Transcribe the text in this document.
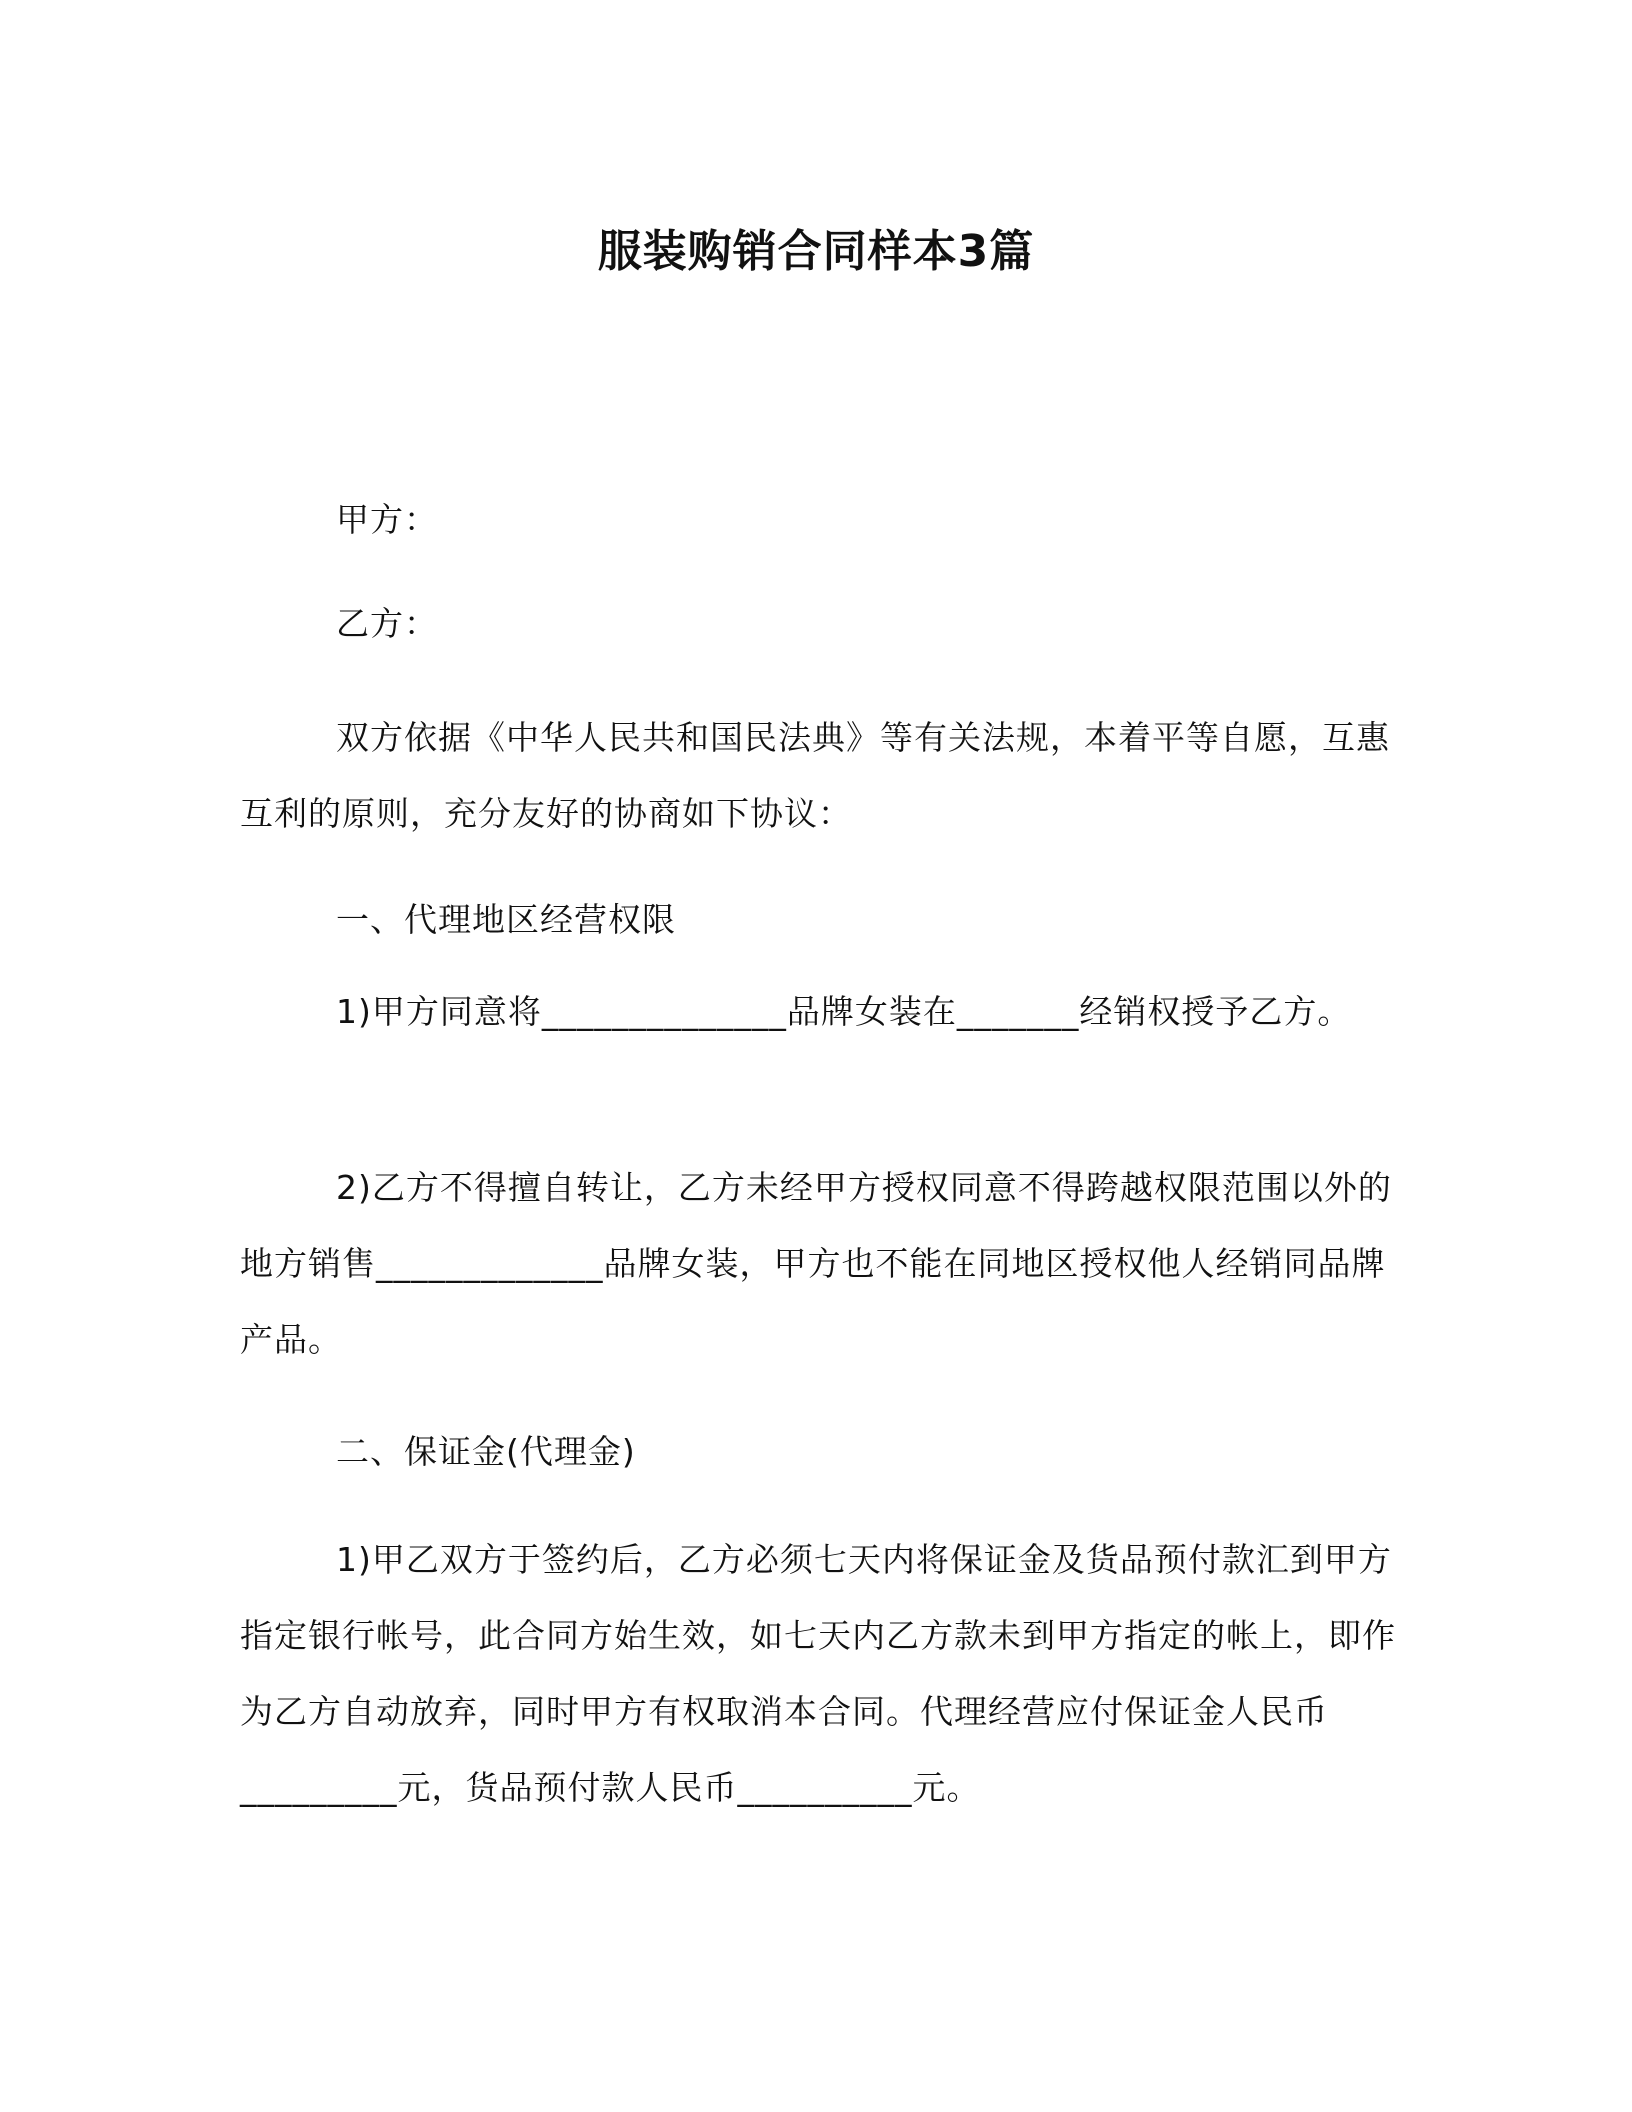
服装购销合同样本3篇

甲方：

乙方：

双方依据《中华人民共和国民法典》等有关法规，本着平等自愿，互惠互利的原则，充分友好的协商如下协议：

一、代理地区经营权限

1)甲方同意将______________品牌女装在_______经销权授予乙方。

2)乙方不得擅自转让，乙方未经甲方授权同意不得跨越权限范围以外的地方销售_____________品牌女装，甲方也不能在同地区授权他人经销同品牌产品。

二、保证金(代理金)

1)甲乙双方于签约后，乙方必须七天内将保证金及货品预付款汇到甲方指定银行帐号，此合同方始生效，如七天内乙方款未到甲方指定的帐上，即作为乙方自动放弃，同时甲方有权取消本合同。代理经营应付保证金人民币_________元，货品预付款人民币__________元。
